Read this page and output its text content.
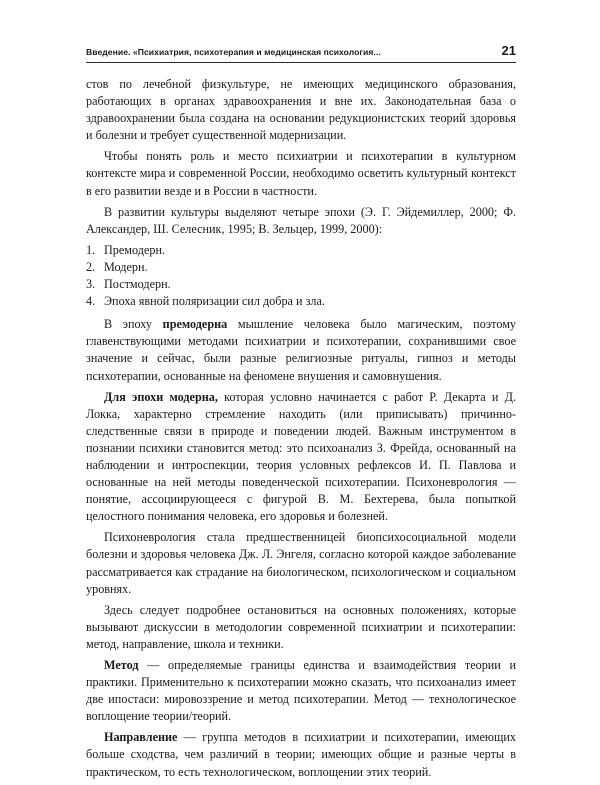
Введение. «Психиатрия, психотерапия и медицинская психология...	21

стов по лечебной физкультуре, не имеющих медицинского образования, работающих в органах здравоохранения и вне их. Законодательная база о здравоохранении была создана на основании редукционистских теорий здоровья и болезни и требует существенной модернизации.

Чтобы понять роль и место психиатрии и психотерапии в культурном контексте мира и современной России, необходимо осветить культурный контекст в его развитии везде и в России в частности.

В развитии культуры выделяют четыре эпохи (Э. Г. Эйдемиллер, 2000; Ф. Александер, Ш. Селесник, 1995; В. Зельцер, 1999, 2000):

1. Премодерн.
2. Модерн.
3. Постмодерн.
4. Эпоха явной поляризации сил добра и зла.

В эпоху премодерна мышление человека было магическим, поэтому главенствующими методами психиатрии и психотерапии, сохранившими свое значение и сейчас, были разные религиозные ритуалы, гипноз и методы психотерапии, основанные на феномене внушения и самовнушения.

Для эпохи модерна, которая условно начинается с работ Р. Декарта и Д. Локка, характерно стремление находить (или приписывать) причинно-следственные связи в природе и поведении людей. Важным инструментом в познании психики становится метод: это психоанализ З. Фрейда, основанный на наблюдении и интроспекции, теория условных рефлексов И. П. Павлова и основанные на ней методы поведенческой психотерапии. Психоневрология — понятие, ассоциирующееся с фигурой В. М. Бехтерева, была попыткой целостного понимания человека, его здоровья и болезней.

Психоневрология стала предшественницей биопсихосоциальной модели болезни и здоровья человека Дж. Л. Энгеля, согласно которой каждое заболевание рассматривается как страдание на биологическом, психологическом и социальном уровнях.

Здесь следует подробнее остановиться на основных положениях, которые вызывают дискуссии в методологии современной психиатрии и психотерапии: метод, направление, школа и техники.

Метод — определяемые границы единства и взаимодействия теории и практики. Применительно к психотерапии можно сказать, что психоанализ имеет две ипостаси: мировоззрение и метод психотерапии. Метод — технологическое воплощение теории/теорий.

Направление — группа методов в психиатрии и психотерапии, имеющих больше сходства, чем различий в теории; имеющих общие и разные черты в практическом, то есть технологическом, воплощении этих теорий.
